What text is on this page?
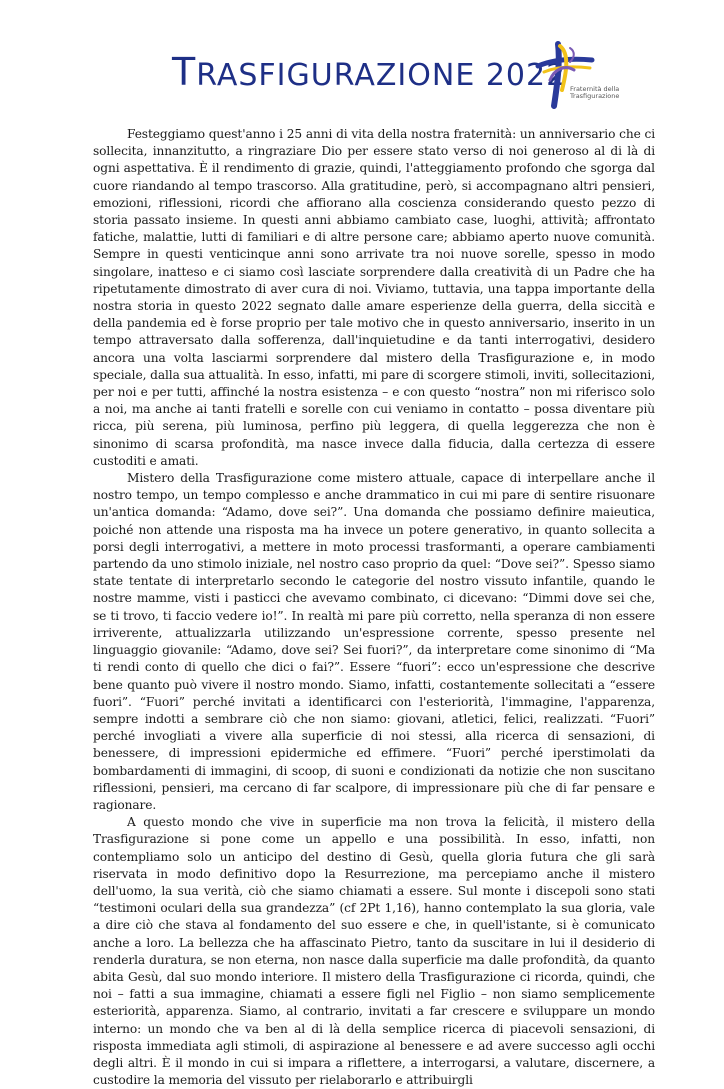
TRASFIGURAZIONE 2022 Fraternità della
Trasfigurazione

Festeggiamo quest'anno i 25 anni di vita della nostra fraternità: un anniversario che ci sollecita, innanzitutto, a ringraziare Dio per essere stato verso di noi generoso al di là di ogni aspettativa. È il rendimento di grazie, quindi, l'atteggiamento profondo che sgorga dal cuore riandando al tempo trascorso. Alla gratitudine, però, si accompagnano altri pensieri, emozioni, riflessioni, ricordi che affiorano alla coscienza considerando questo pezzo di storia passato insieme. In questi anni abbiamo cambiato case, luoghi, attività; affrontato fatiche, malattie, lutti di familiari e di altre persone care; abbiamo aperto nuove comunità. Sempre in questi venticinque anni sono arrivate tra noi nuove sorelle, spesso in modo singolare, inatteso e ci siamo così lasciate sorprendere dalla creatività di un Padre che ha ripetutamente dimostrato di aver cura di noi. Viviamo, tuttavia, una tappa importante della nostra storia in questo 2022 segnato dalle amare esperienze della guerra, della siccità e della pandemia ed è forse proprio per tale motivo che in questo anniversario, inserito in un tempo attraversato dalla sofferenza, dall'inquietudine e da tanti interrogativi, desidero ancora una volta lasciarmi sorprendere dal mistero della Trasfigurazione e, in modo speciale, dalla sua attualità. In esso, infatti, mi pare di scorgere stimoli, inviti, sollecitazioni, per noi e per tutti, affinché la nostra esistenza – e con questo “nostra” non mi riferisco solo a noi, ma anche ai tanti fratelli e sorelle con cui veniamo in contatto – possa diventare più ricca, più serena, più luminosa, perfino più leggera, di quella leggerezza che non è sinonimo di scarsa profondità, ma nasce invece dalla fiducia, dalla certezza di essere custoditi e amati.

Mistero della Trasfigurazione come mistero attuale, capace di interpellare anche il nostro tempo, un tempo complesso e anche drammatico in cui mi pare di sentire risuonare un'antica domanda: “Adamo, dove sei?”. Una domanda che possiamo definire maieutica, poiché non attende una risposta ma ha invece un potere generativo, in quanto sollecita a porsi degli interrogativi, a mettere in moto processi trasformanti, a operare cambiamenti partendo da uno stimolo iniziale, nel nostro caso proprio da quel: “Dove sei?”. Spesso siamo state tentate di interpretarlo secondo le categorie del nostro vissuto infantile, quando le nostre mamme, visti i pasticci che avevamo combinato, ci dicevano: “Dimmi dove sei che, se ti trovo, ti faccio vedere io!”. In realtà mi pare più corretto, nella speranza di non essere irriverente, attualizzarla utilizzando un'espressione corrente, spesso presente nel linguaggio giovanile: “Adamo, dove sei? Sei fuori?”, da interpretare come sinonimo di “Ma ti rendi conto di quello che dici o fai?”. Essere “fuori”: ecco un'espressione che descrive bene quanto può vivere il nostro mondo. Siamo, infatti, costantemente sollecitati a “essere fuori”. “Fuori” perché invitati a identificarci con l'esteriorità, l'immagine, l'apparenza, sempre indotti a sembrare ciò che non siamo: giovani, atletici, felici, realizzati. “Fuori” perché invogliati a vivere alla superficie di noi stessi, alla ricerca di sensazioni, di benessere, di impressioni epidermiche ed effimere. “Fuori” perché iperstimolati da bombardamenti di immagini, di scoop, di suoni e condizionati da notizie che non suscitano riflessioni, pensieri, ma cercano di far scalpore, di impressionare più che di far pensare e ragionare.

A questo mondo che vive in superficie ma non trova la felicità, il mistero della Trasfigurazione si pone come un appello e una possibilità. In esso, infatti, non contempliamo solo un anticipo del destino di Gesù, quella gloria futura che gli sarà riservata in modo definitivo dopo la Resurrezione, ma percepiamo anche il mistero dell'uomo, la sua verità, ciò che siamo chiamati a essere. Sul monte i discepoli sono stati “testimoni oculari della sua grandezza” (cf 2Pt 1,16), hanno contemplato la sua gloria, vale a dire ciò che stava al fondamento del suo essere e che, in quell'istante, si è comunicato anche a loro. La bellezza che ha affascinato Pietro, tanto da suscitare in lui il desiderio di renderla duratura, se non eterna, non nasce dalla superficie ma dalle profondità, da quanto abita Gesù, dal suo mondo interiore. Il mistero della Trasfigurazione ci ricorda, quindi, che noi – fatti a sua immagine, chiamati a essere figli nel Figlio – non siamo semplicemente esteriorità, apparenza. Siamo, al contrario, invitati a far crescere e sviluppare un mondo interno: un mondo che va ben al di là della semplice ricerca di piacevoli sensazioni, di risposta immediata agli stimoli, di aspirazione al benessere e ad avere successo agli occhi degli altri. È il mondo in cui si impara a riflettere, a interrogarsi, a valutare, discernere, a custodire la memoria del vissuto per rielaborarlo e attribuirgli
